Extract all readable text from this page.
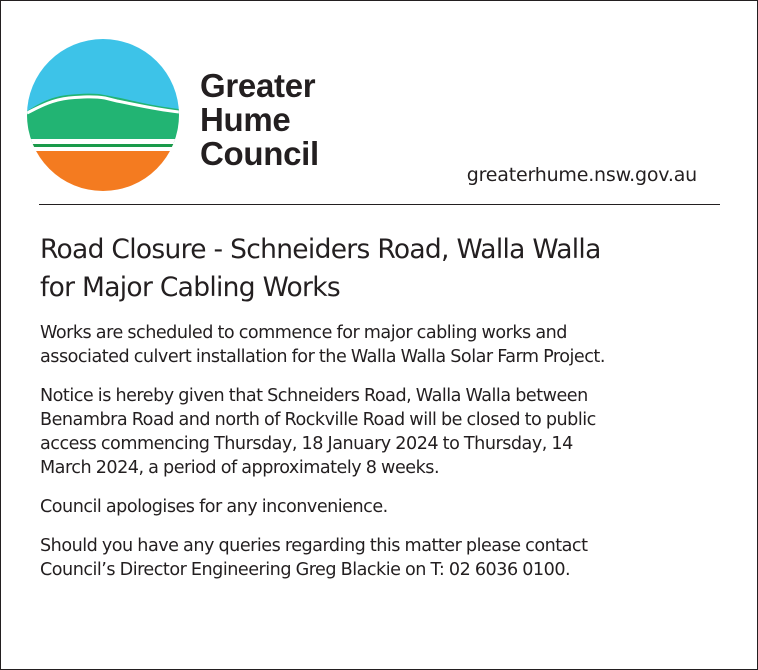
Greater
Hume
Council
greaterhume.nsw.gov.au
Road Closure - Schneiders Road, Walla Walla
for Major Cabling Works
Works are scheduled to commence for major cabling works and
associated culvert installation for the Walla Walla Solar Farm Project.
Notice is hereby given that Schneiders Road, Walla Walla between
Benambra Road and north of Rockville Road will be closed to public
access commencing Thursday, 18 January 2024 to Thursday, 14
March 2024, a period of approximately 8 weeks.
Council apologises for any inconvenience.
Should you have any queries regarding this matter please contact
Council’s Director Engineering Greg Blackie on T: 02 6036 0100.
